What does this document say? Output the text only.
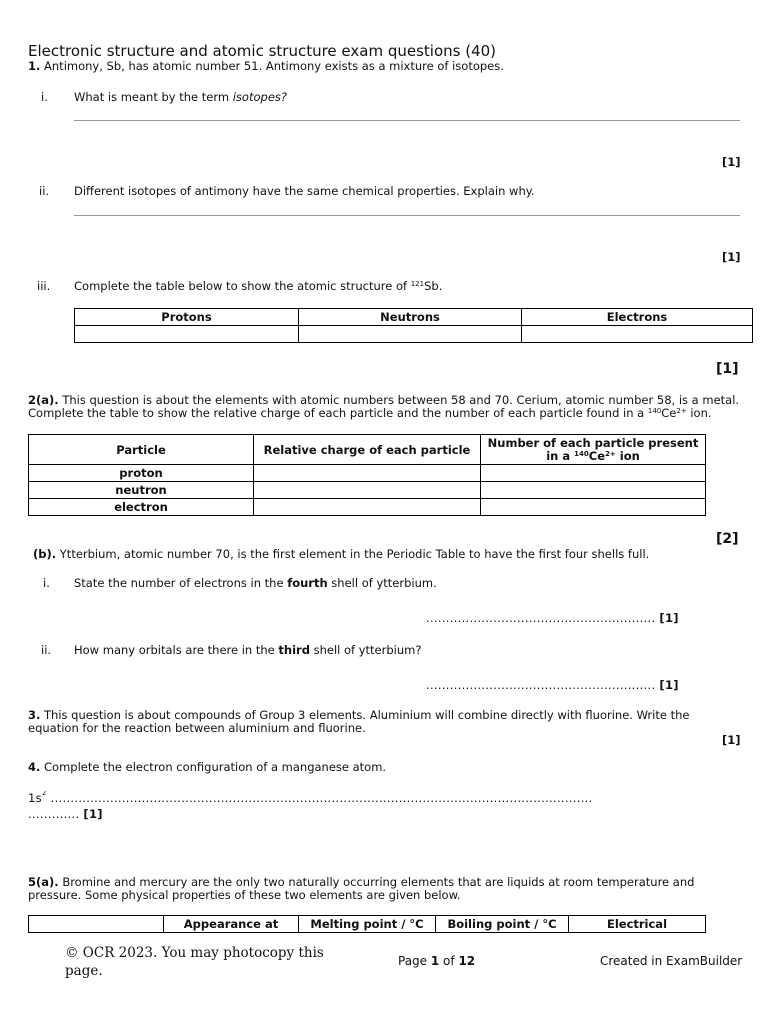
Electronic structure and atomic structure exam questions (40)
1. Antimony, Sb, has atomic number 51. Antimony exists as a mixture of isotopes.
i. What is meant by the term isotopes?
[1]
ii. Different isotopes of antimony have the same chemical properties. Explain why.
[1]
iii. Complete the table below to show the atomic structure of $^{121}$Sb.
Protons	Neutrons	Electrons

[1]
2(a). This question is about the elements with atomic numbers between 58 and 70. Cerium, atomic number 58, is a metal. Complete the table to show the relative charge of each particle and the number of each particle found in a $^{140}Ce^{2+}$ ion.
Particle	Relative charge of each particle	Number of each particle present in a $^{140}Ce^{2+}$ ion
proton		
neutron		
electron		
[2]
(b). Ytterbium, atomic number 70, is the first element in the Periodic Table to have the first four shells full.
i. State the number of electrons in the fourth shell of ytterbium.
.......................................................... [1]
ii. How many orbitals are there in the third shell of ytterbium?
.......................................................... [1]
3. This question is about compounds of Group 3 elements. Aluminium will combine directly with fluorine. Write the equation for the reaction between aluminium and fluorine.
[1]
4. Complete the electron configuration of a manganese atom.
$1s^2$ .........................................................................................................................................
............. [1]
5(a). Bromine and mercury are the only two naturally occurring elements that are liquids at room temperature and pressure. Some physical properties of these two elements are given below.
	Appearance at	Melting point / °C	Boiling point / °C	Electrical
© OCR 2023. You may photocopy this page.
Page 1 of 12	Created in ExamBuilder
